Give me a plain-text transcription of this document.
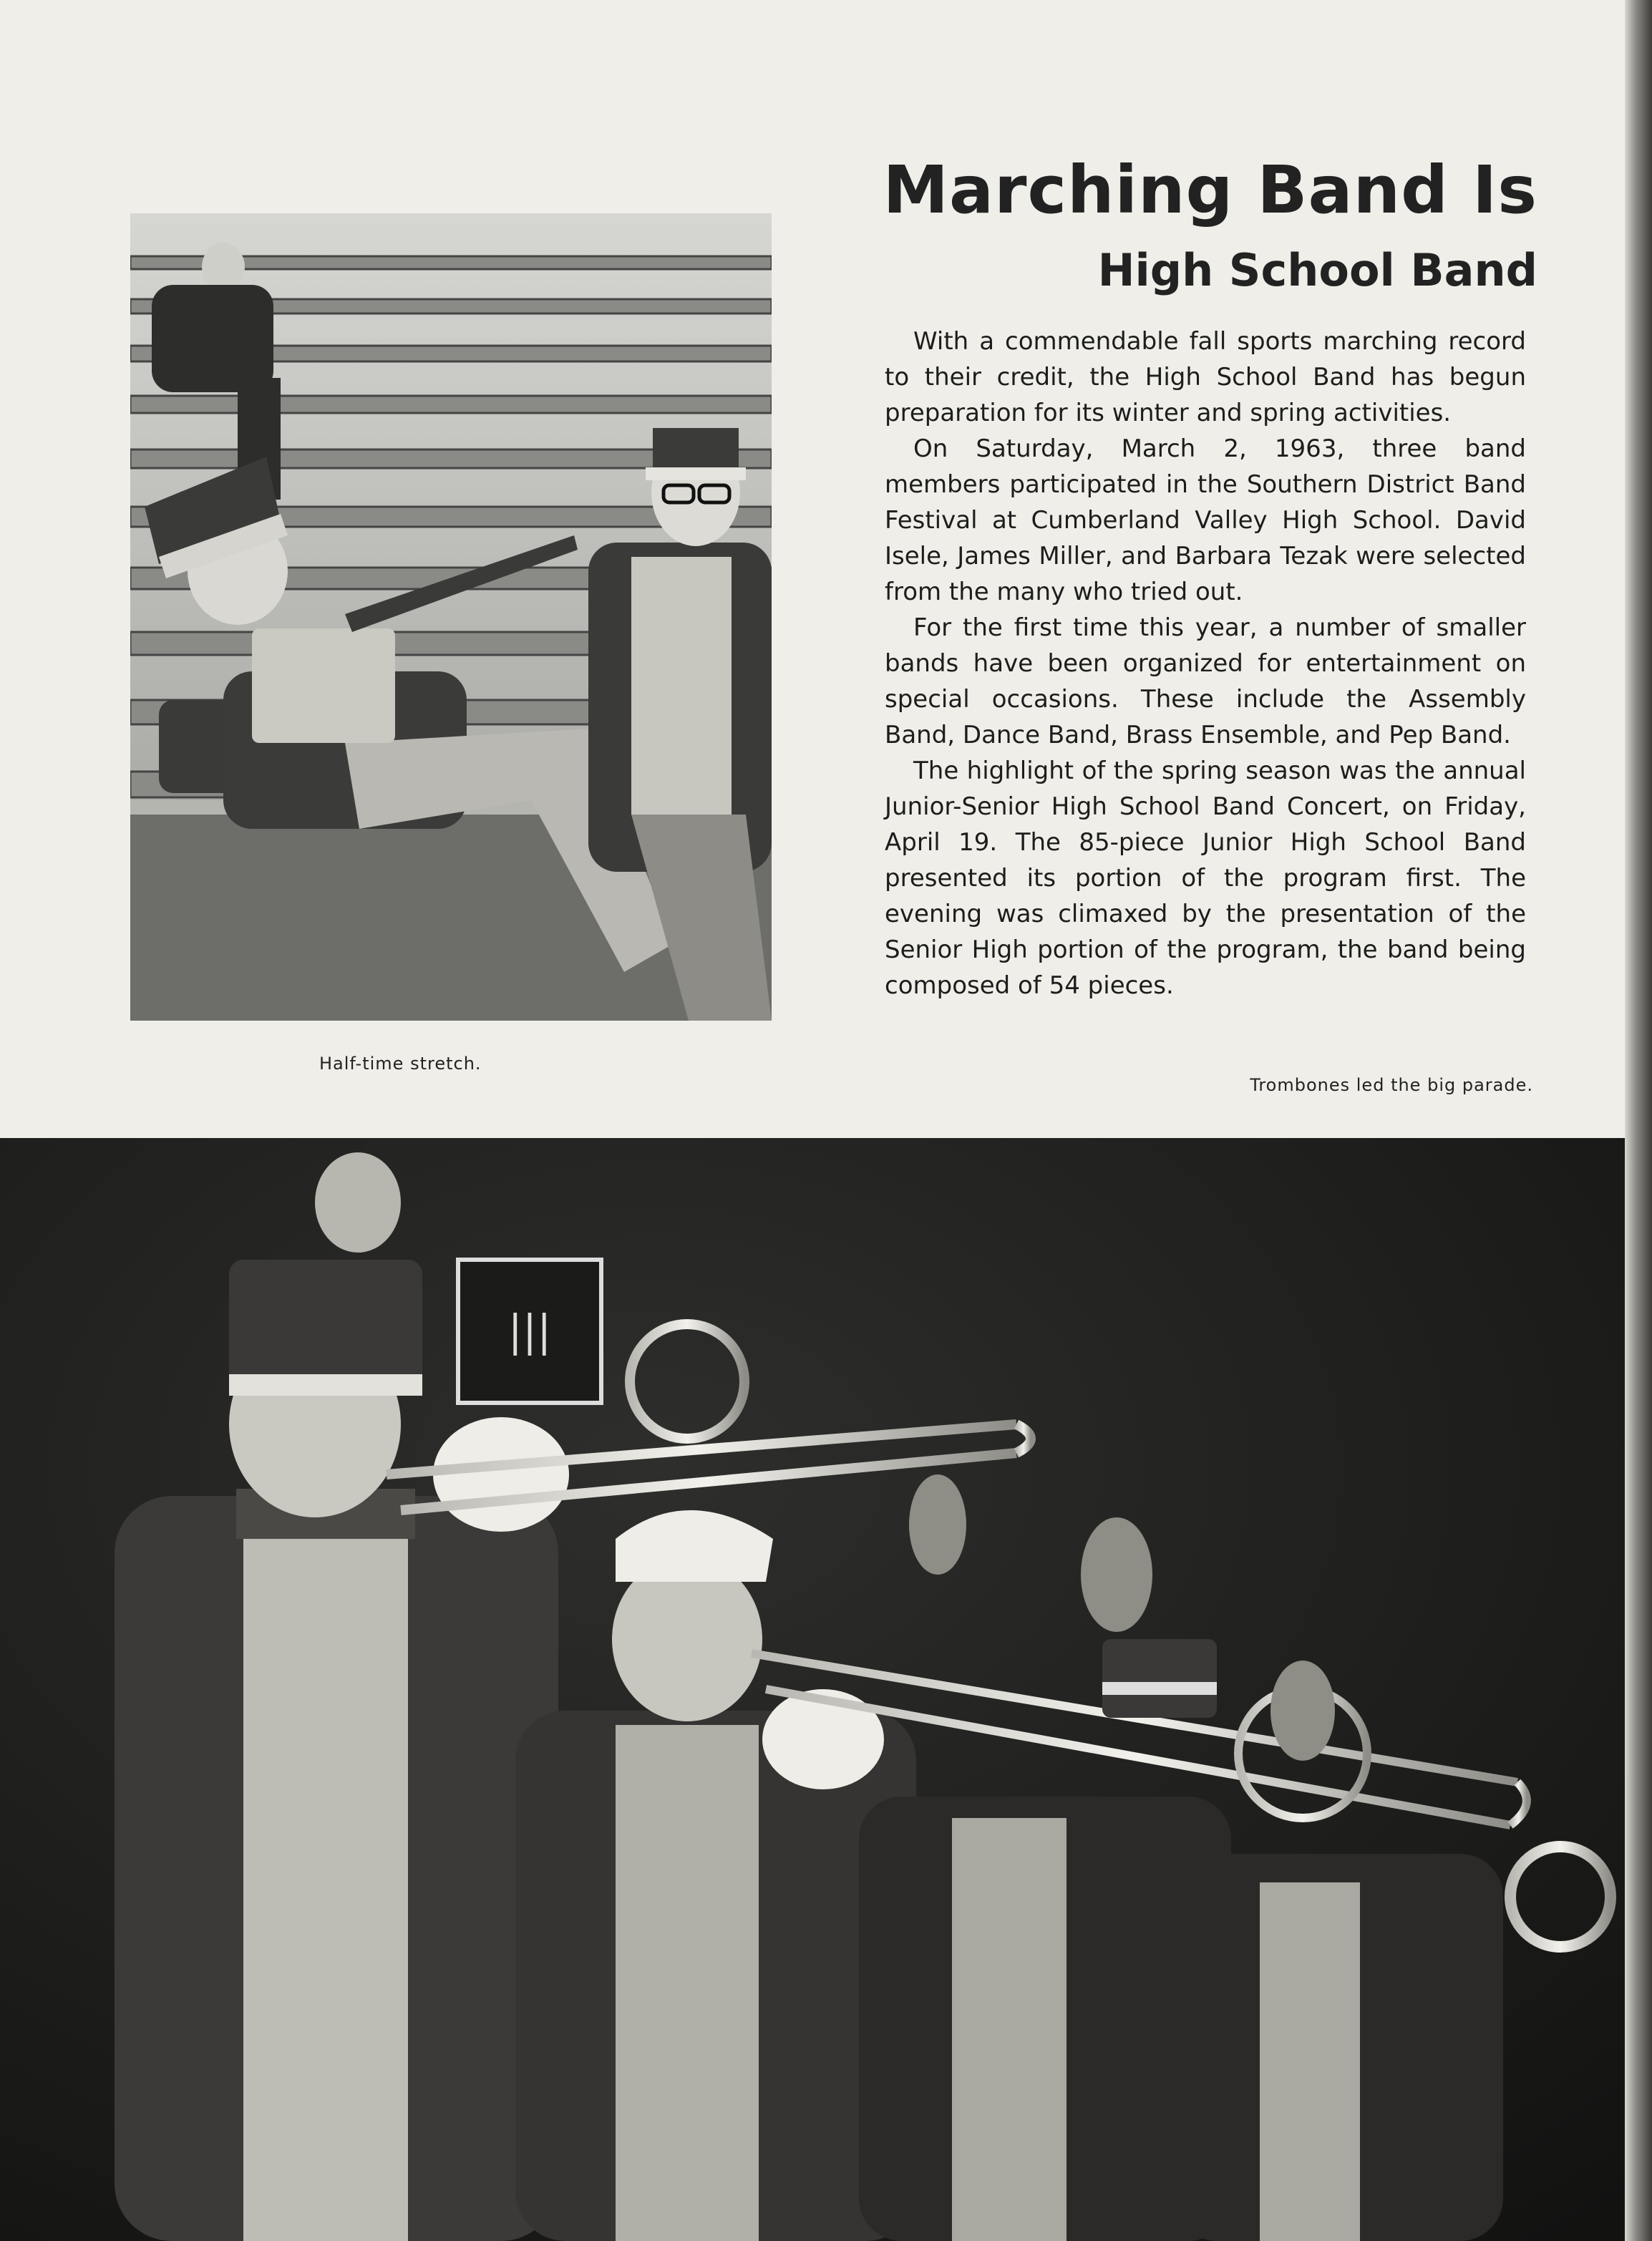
Marching Band Is
High School Band

With a commendable fall sports marching record to their credit, the High School Band has begun preparation for its winter and spring activities.

On Saturday, March 2, 1963, three band members participated in the Southern District Band Festival at Cumberland Valley High School. David Isele, James Miller, and Barbara Tezak were selected from the many who tried out.

For the first time this year, a number of smaller bands have been organized for entertainment on special occasions. These include the Assembly Band, Dance Band, Brass Ensemble, and Pep Band.

The highlight of the spring season was the annual Junior-Senior High School Band Concert, on Friday, April 19. The 85-piece Junior High School Band presented its portion of the program first. The evening was climaxed by the presentation of the Senior High portion of the program, the band being composed of 54 pieces.

Half-time stretch.
Trombones led the big parade.
|||
